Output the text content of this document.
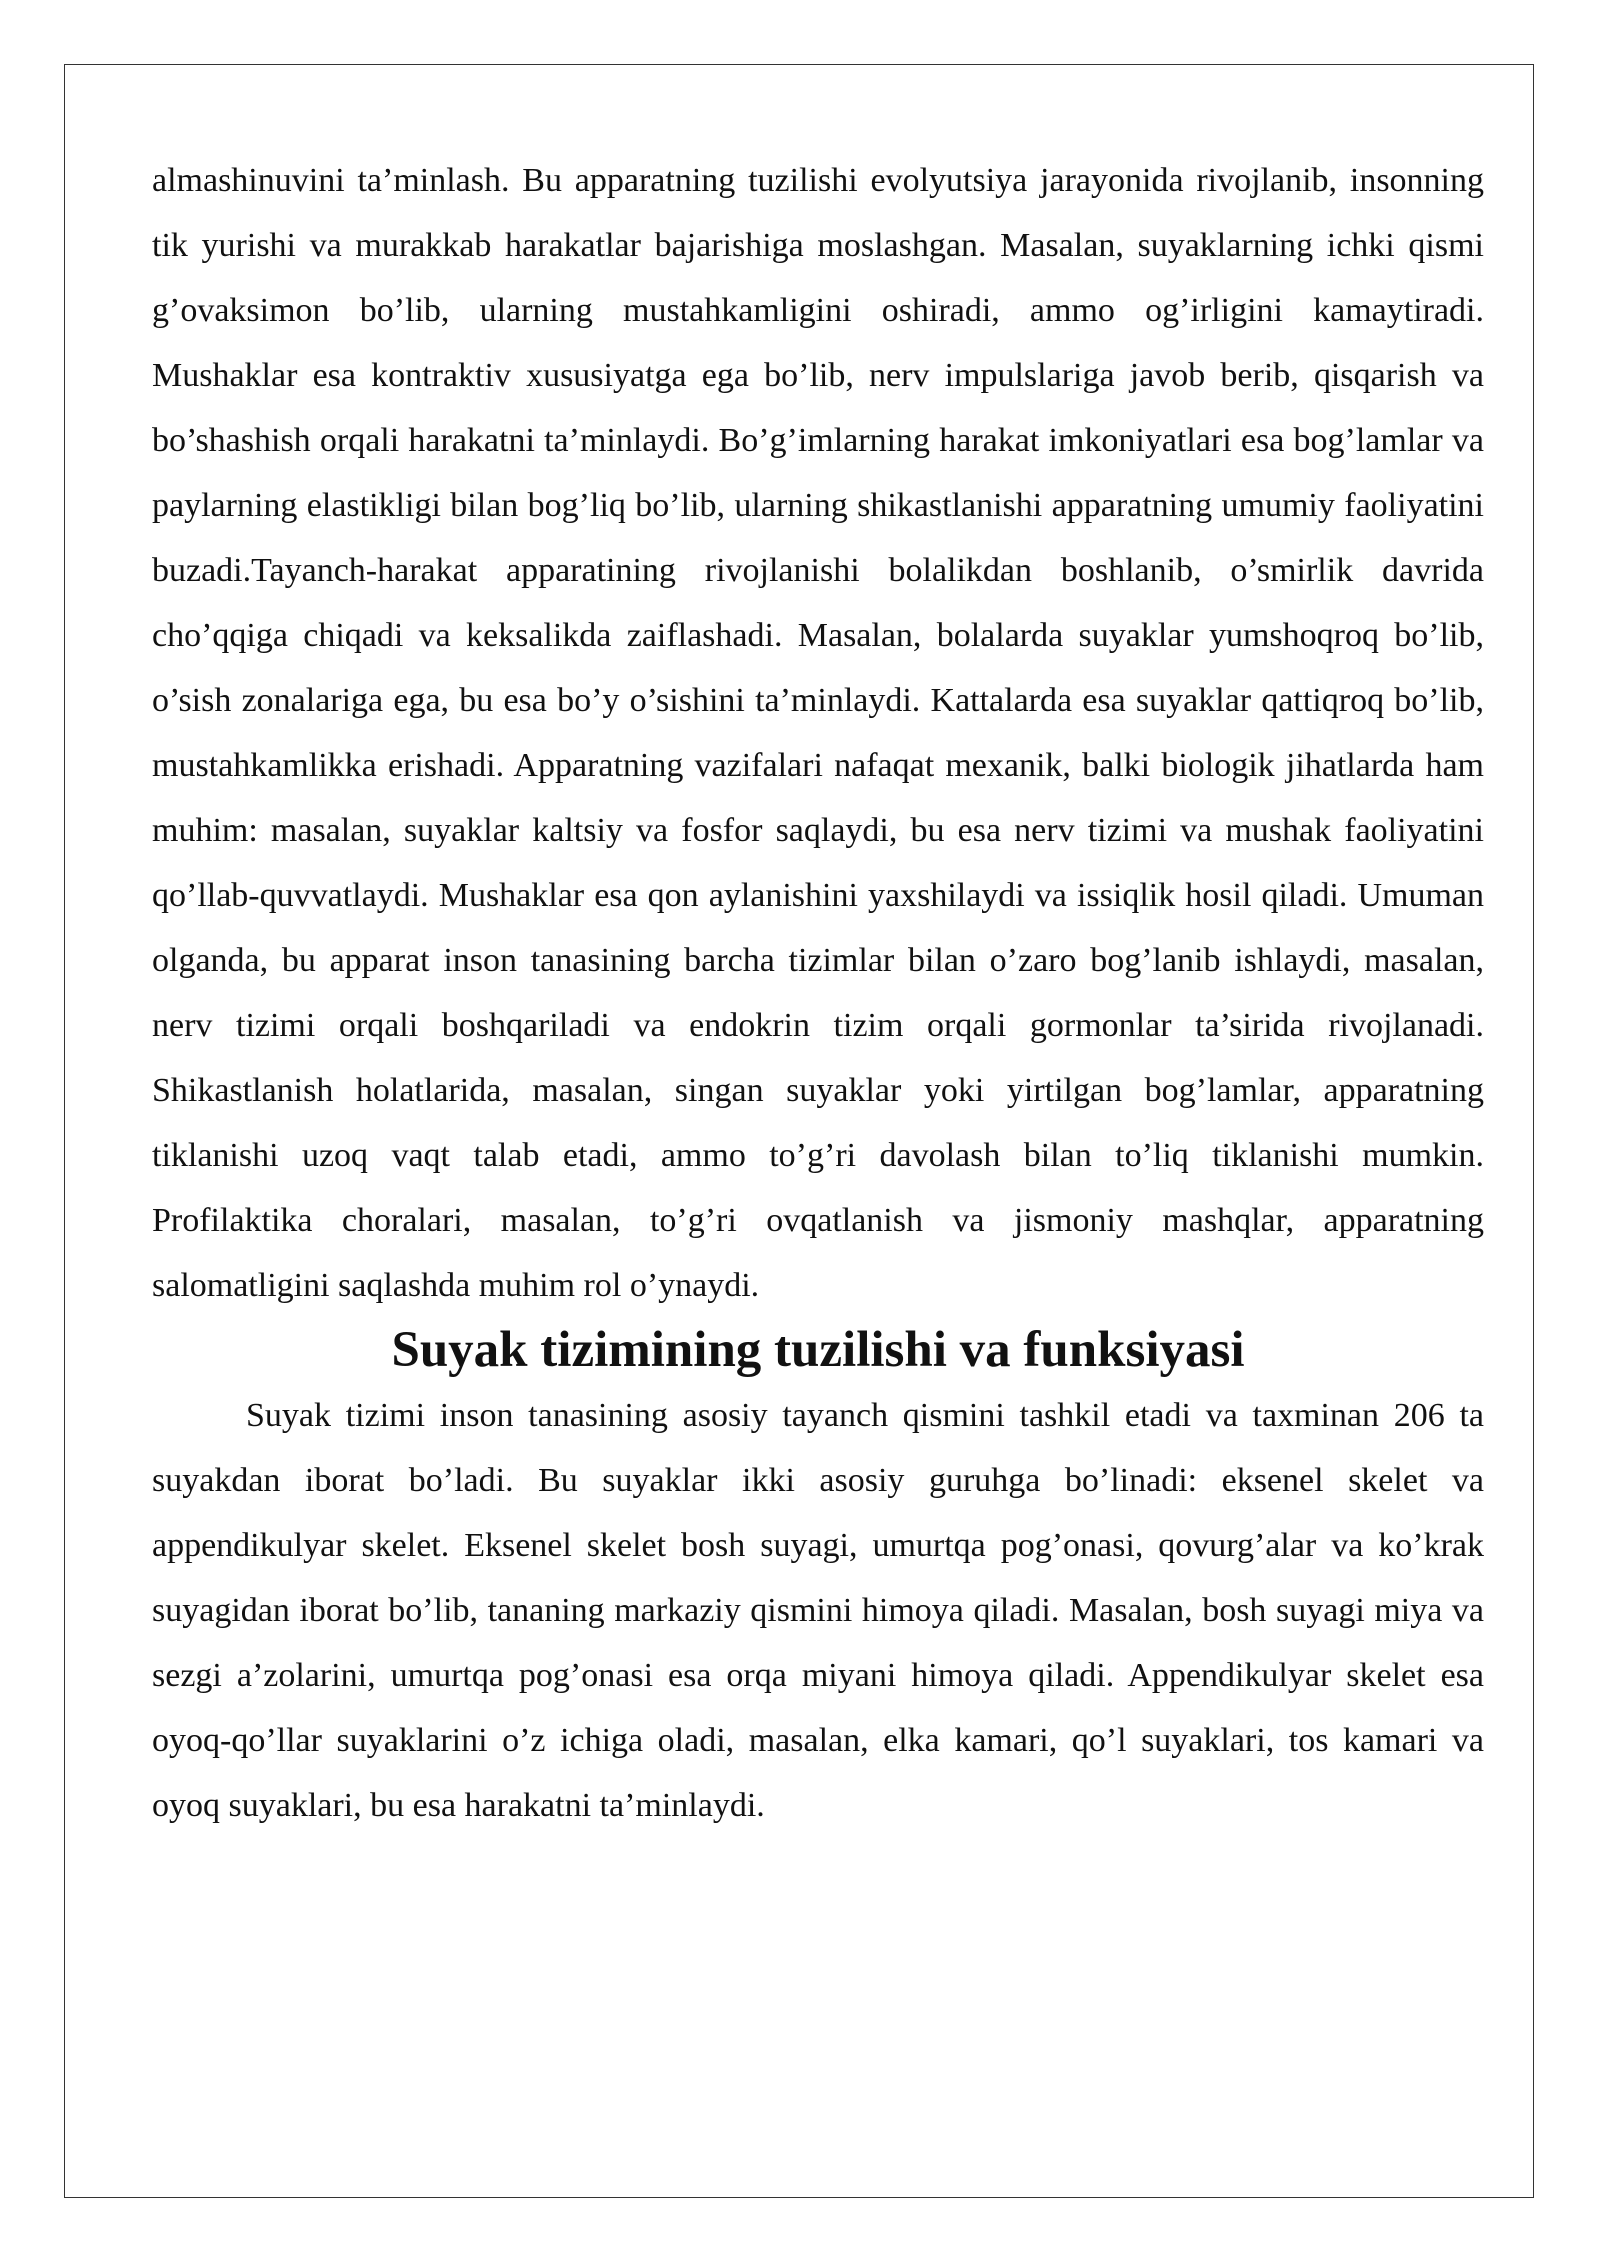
almashinuvini ta’minlash. Bu apparatning tuzilishi evolyutsiya jarayonida rivojlanib, insonning tik yurishi va murakkab harakatlar bajarishiga moslashgan. Masalan, suyaklarning ichki qismi g’ovaksimon bo’lib, ularning mustahkamligini oshiradi, ammo og’irligini kamaytiradi. Mushaklar esa kontraktiv xususiyatga ega bo’lib, nerv impulslariga javob berib, qisqarish va bo’shashish orqali harakatni ta’minlaydi. Bo’g’imlarning harakat imkoniyatlari esa bog’lamlar va paylarning elastikligi bilan bog’liq bo’lib, ularning shikastlanishi apparatning umumiy faoliyatini buzadi.Tayanch-harakat apparatining rivojlanishi bolalikdan boshlanib, o’smirlik davrida cho’qqiga chiqadi va keksalikda zaiflashadi. Masalan, bolalarda suyaklar yumshoqroq bo’lib, o’sish zonalariga ega, bu esa bo’y o’sishini ta’minlaydi. Kattalarda esa suyaklar qattiqroq bo’lib, mustahkamlikka erishadi. Apparatning vazifalari nafaqat mexanik, balki biologik jihatlarda ham muhim: masalan, suyaklar kaltsiy va fosfor saqlaydi, bu esa nerv tizimi va mushak faoliyatini qo’llab-quvvatlaydi. Mushaklar esa qon aylanishini yaxshilaydi va issiqlik hosil qiladi. Umuman olganda, bu apparat inson tanasining barcha tizimlar bilan o’zaro bog’lanib ishlaydi, masalan, nerv tizimi orqali boshqariladi va endokrin tizim orqali gormonlar ta’sirida rivojlanadi. Shikastlanish holatlarida, masalan, singan suyaklar yoki yirtilgan bog’lamlar, apparatning tiklanishi uzoq vaqt talab etadi, ammo to’g’ri davolash bilan to’liq tiklanishi mumkin. Profilaktika choralari, masalan, to’g’ri ovqatlanish va jismoniy mashqlar, apparatning salomatligini saqlashda muhim rol o’ynaydi.

Suyak tizimining tuzilishi va funksiyasi

Suyak tizimi inson tanasining asosiy tayanch qismini tashkil etadi va taxminan 206 ta suyakdan iborat bo’ladi. Bu suyaklar ikki asosiy guruhga bo’linadi: eksenel skelet va appendikulyar skelet. Eksenel skelet bosh suyagi, umurtqa pog’onasi, qovurg’alar va ko’krak suyagidan iborat bo’lib, tananing markaziy qismini himoya qiladi. Masalan, bosh suyagi miya va sezgi a’zolarini, umurtqa pog’onasi esa orqa miyani himoya qiladi. Appendikulyar skelet esa oyoq-qo’llar suyaklarini o’z ichiga oladi, masalan, elka kamari, qo’l suyaklari, tos kamari va oyoq suyaklari, bu esa harakatni ta’minlaydi.
